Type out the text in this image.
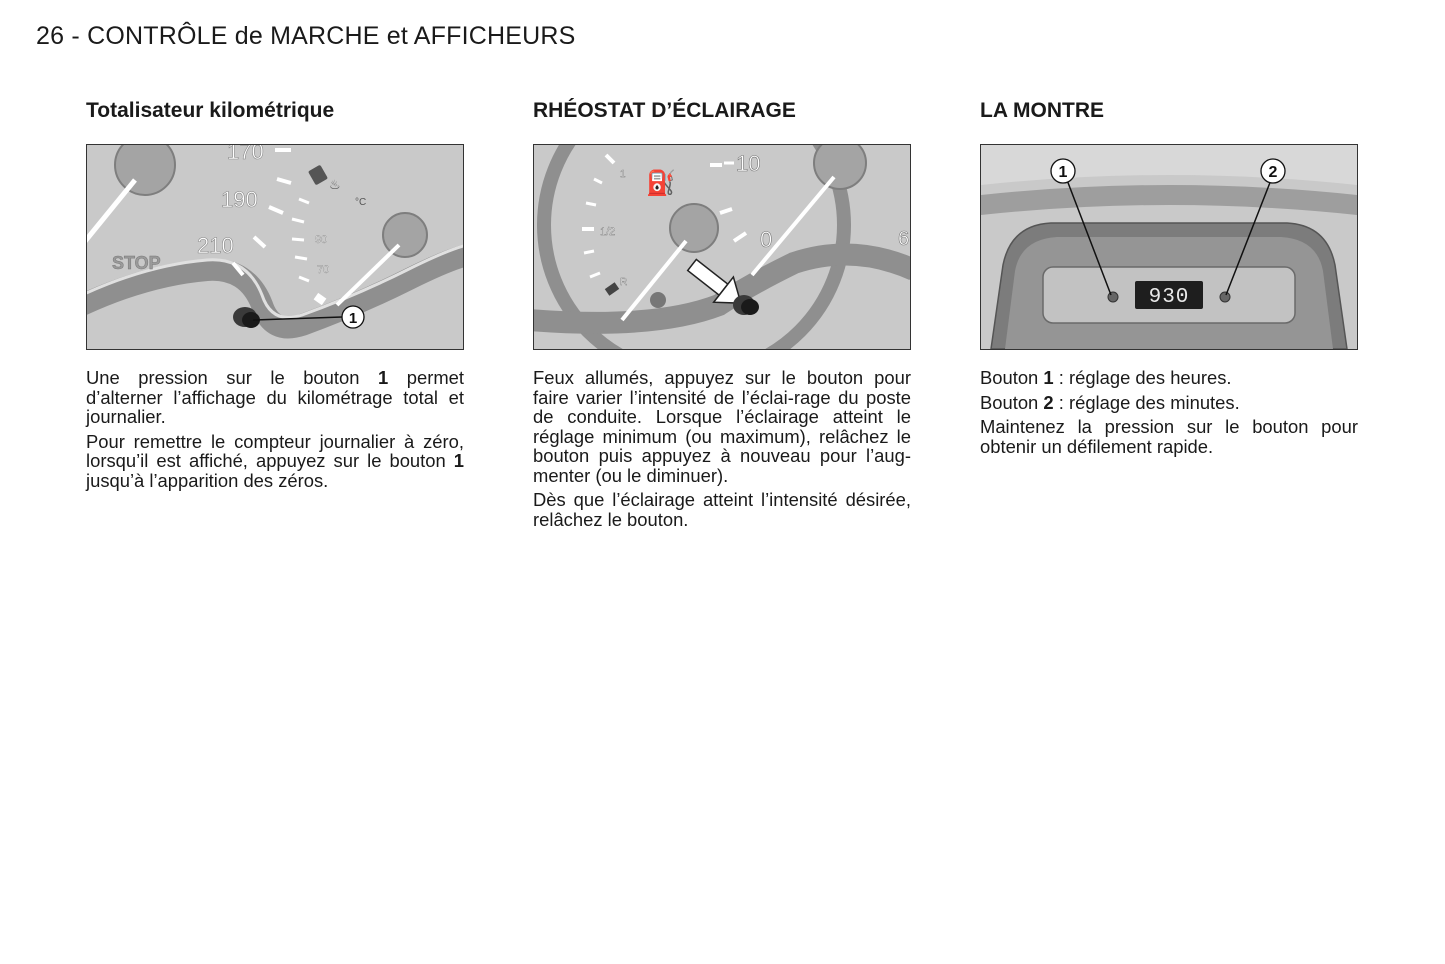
26 - CONTRÔLE de MARCHE et AFFICHEURS
Totalisateur kilométrique
170
190
210
STOP
♨
°C
90
70
1

Une pression sur le bouton 1 permet d’alterner l’affichage du kilométrage total et journalier.

Pour remettre le compteur journalier à zéro, lorsqu’il est affiché, appuyez sur le bouton 1 jusqu’à l’apparition des zéros.

RHÉOSTAT D’ÉCLAIRAGE
1
1/2
R
⛽
10
0	6

Feux allumés, appuyez sur le bouton pour faire varier l’intensité de l’éclai-rage du poste de conduite. Lorsque l’éclairage atteint le réglage minimum (ou maximum), relâchez le bouton puis appuyez à nouveau pour l’aug-menter (ou le diminuer).

Dès que l’éclairage atteint l’intensité désirée, relâchez le bouton.

LA MONTRE
930
1	2

Bouton 1 : réglage des heures.

Bouton 2 : réglage des minutes.

Maintenez la pression sur le bouton pour obtenir un défilement rapide.
